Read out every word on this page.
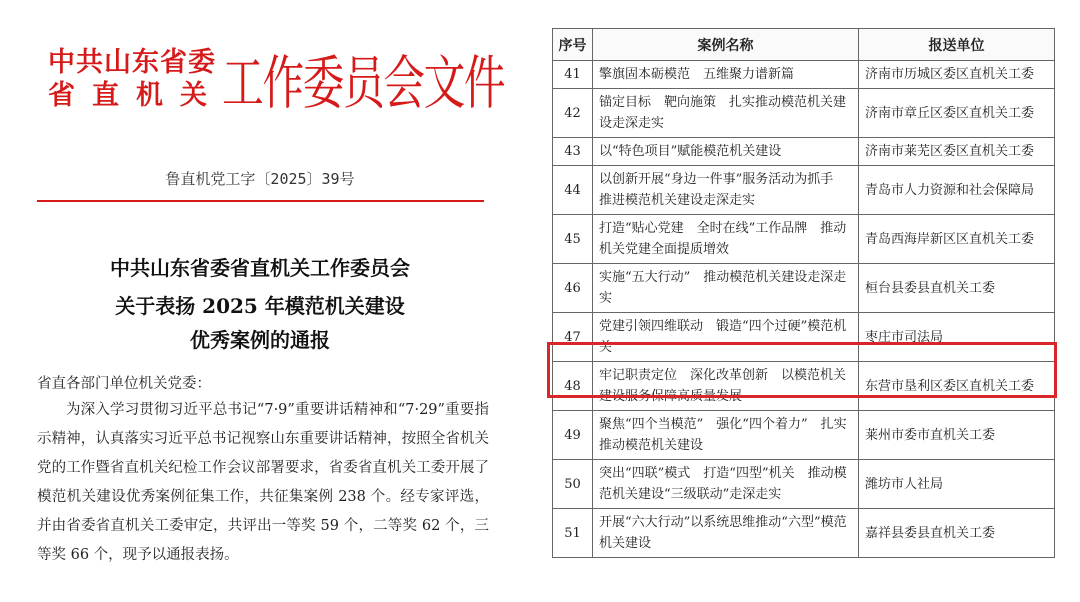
中共山东省委
省直机关
工作委员会文件
鲁直机党工字〔2025〕39号
中共山东省委省直机关工作委员会
关于表扬 2025 年模范机关建设
优秀案例的通报
省直各部门单位机关党委：

为深入学习贯彻习近平总书记“7·9”重要讲话精神和“7·29”重要指示精神，认真落实习近平总书记视察山东重要讲话精神，按照全省机关党的工作暨省直机关纪检工作会议部署要求，省委省直机关工委开展了模范机关建设优秀案例征集工作，共征集案例 238 个。经专家评选，并由省委省直机关工委审定，共评出一等奖 59 个，二等奖 62 个，三等奖 66 个，现予以通报表扬。

序号	案例名称	报送单位
41	擎旗固本砺模范　五维聚力谱新篇	济南市历城区委区直机关工委
42	锚定目标　靶向施策　扎实推动模范机关建设走深走实	济南市章丘区委区直机关工委
43	以“特色项目”赋能模范机关建设	济南市莱芜区委区直机关工委
44	以创新开展“身边一件事”服务活动为抓手　推进模范机关建设走深走实	青岛市人力资源和社会保障局
45	打造“贴心党建　全时在线”工作品牌　推动机关党建全面提质增效	青岛西海岸新区区直机关工委
46	实施“五大行动”　推动模范机关建设走深走实	桓台县委县直机关工委
47	党建引领四维联动　锻造“四个过硬”模范机关	枣庄市司法局
48	牢记职责定位　深化改革创新　以模范机关建设服务保障高质量发展	东营市垦利区委区直机关工委
49	聚焦“四个当模范”　强化“四个着力”　扎实推动模范机关建设	莱州市委市直机关工委
50	突出“四联”模式　打造“四型”机关　推动模范机关建设“三级联动”走深走实	潍坊市人社局
51	开展“六大行动”以系统思维推动“六型”模范机关建设	嘉祥县委县直机关工委
